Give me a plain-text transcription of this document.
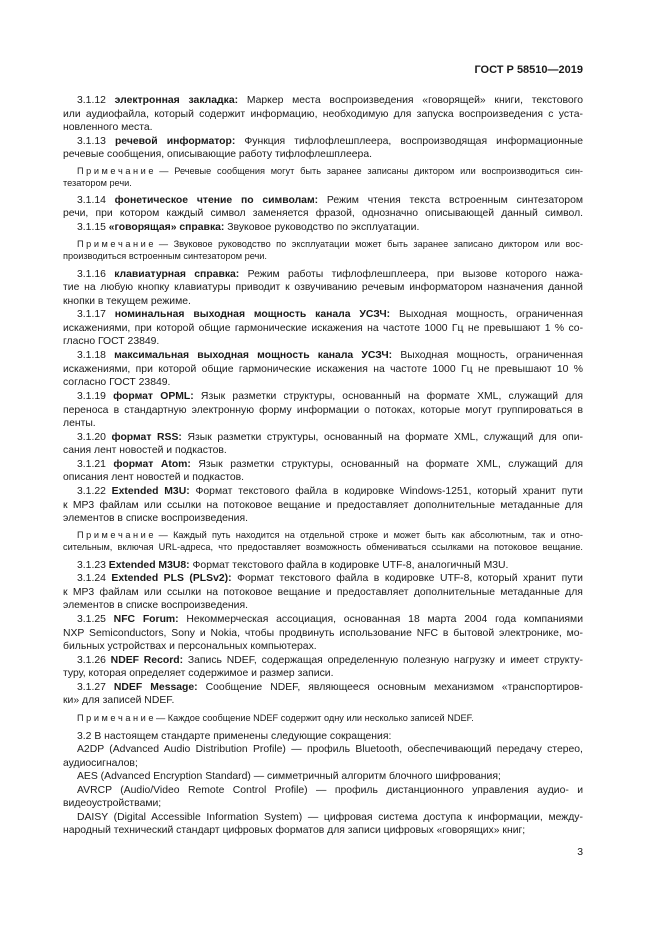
ГОСТ Р 58510—2019
3.1.12 электронная закладка: Маркер места воспроизведения «говорящей» книги, текстового
или аудиофайла, который содержит информацию, необходимую для запуска воспроизведения с уста-
новленного места.
3.1.13 речевой информатор: Функция тифлофлешплеера, воспроизводящая информационные
речевые сообщения, описывающие работу тифлофлешплеера.
П р и м е ч а н и е — Речевые сообщения могут быть заранее записаны диктором или воспроизводиться син-
тезатором речи.
3.1.14 фонетическое чтение по символам: Режим чтения текста встроенным синтезатором
речи, при котором каждый символ заменяется фразой, однозначно описывающей данный символ.
3.1.15 «говорящая» справка: Звуковое руководство по эксплуатации.
П р и м е ч а н и е — Звуковое руководство по эксплуатации может быть заранее записано диктором или вос-
производиться встроенным синтезатором речи.
3.1.16 клавиатурная справка: Режим работы тифлофлешплеера, при вызове которого нажа-
тие на любую кнопку клавиатуры приводит к озвучиванию речевым информатором назначения данной
кнопки в текущем режиме.
3.1.17 номинальная выходная мощность канала УСЗЧ: Выходная мощность, ограниченная
искажениями, при которой общие гармонические искажения на частоте 1000 Гц не превышают 1 % со-
гласно ГОСТ 23849.
3.1.18 максимальная выходная мощность канала УСЗЧ: Выходная мощность, ограниченная
искажениями, при которой общие гармонические искажения на частоте 1000 Гц не превышают 10 %
согласно ГОСТ 23849.
3.1.19 формат OPML: Язык разметки структуры, основанный на формате XML, служащий для
переноса в стандартную электронную форму информации о потоках, которые могут группироваться в
ленты.
3.1.20 формат RSS: Язык разметки структуры, основанный на формате XML, служащий для опи-
сания лент новостей и подкастов.
3.1.21 формат Atom: Язык разметки структуры, основанный на формате XML, служащий для
описания лент новостей и подкастов.
3.1.22 Extended M3U: Формат текстового файла в кодировке Windows-1251, который хранит пути
к MP3 файлам или ссылки на потоковое вещание и предоставляет дополнительные метаданные для
элементов в списке воспроизведения.
П р и м е ч а н и е — Каждый путь находится на отдельной строке и может быть как абсолютным, так и отно-
сительным, включая URL-адреса, что предоставляет возможность обмениваться ссылками на потоковое вещание.
3.1.23 Extended M3U8: Формат текстового файла в кодировке UTF-8, аналогичный M3U.
3.1.24 Extended PLS (PLSv2): Формат текстового файла в кодировке UTF-8, который хранит пути
к MP3 файлам или ссылки на потоковое вещание и предоставляет дополнительные метаданные для
элементов в списке воспроизведения.
3.1.25 NFC Forum: Некоммерческая ассоциация, основанная 18 марта 2004 года компаниями
NXP Semiconductors, Sony и Nokia, чтобы продвинуть использование NFC в бытовой электронике, мо-
бильных устройствах и персональных компьютерах.
3.1.26 NDEF Record: Запись NDEF, содержащая определенную полезную нагрузку и имеет структу-
туру, которая определяет содержимое и размер записи.
3.1.27 NDEF Message: Сообщение NDEF, являющееся основным механизмом «транспортиров-
ки» для записей NDEF.
П р и м е ч а н и е — Каждое сообщение NDEF содержит одну или несколько записей NDEF.
3.2 В настоящем стандарте применены следующие сокращения:
A2DP (Advanced Audio Distribution Profile) — профиль Bluetooth, обеспечивающий передачу стерео,
аудиосигналов;
AES (Advanced Encryption Standard) — симметричный алгоритм блочного шифрования;
AVRCP (Audio/Video Remote Control Profile) — профиль дистанционного управления аудио- и
видеоустройствами;
DAISY (Digital Accessible Information System) — цифровая система доступа к информации, между-
народный технический стандарт цифровых форматов для записи цифровых «говорящих» книг;
3
